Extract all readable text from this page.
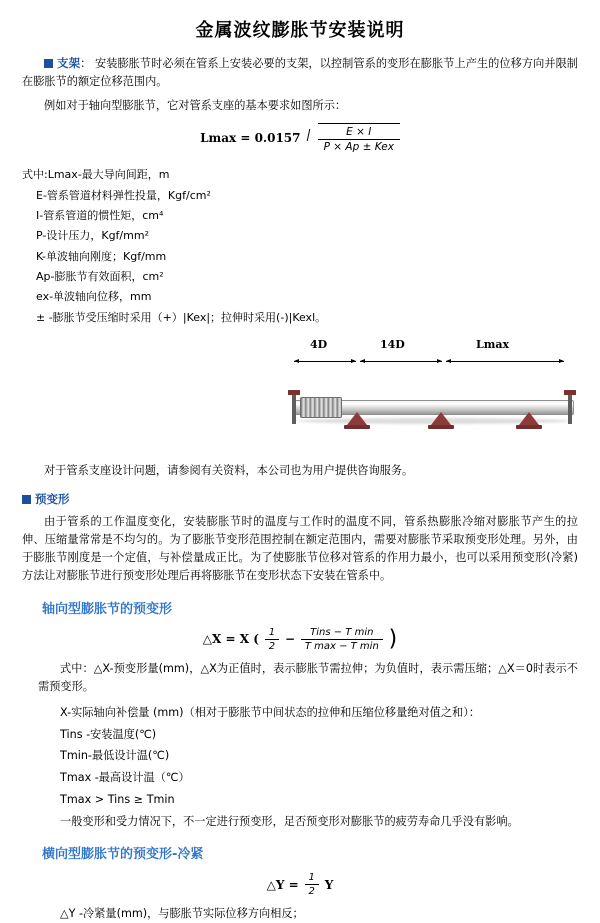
金属波纹膨胀节安装说明

支架： 安装膨胀节时必须在管系上安装必要的支架，以控制管系的变形在膨胀节上产生的位移方向并限制在膨胀节的额定位移范围内。

例如对于轴向型膨胀节，它对管系支座的基本要求如图所示：

$Lmax = 0.0157 \frac{E \times I}{\text{P × Ap ± Kex}}$
式中:Lmax-最大导向间距，m
E-管系管道材料弹性投量，Kgf/cm²
I-管系管道的惯性矩，cm⁴
P-设计压力，Kgf/mm²
K-单波轴向刚度；Kgf/mm
Ap-膨胀节有效面积，cm²
ex-单波轴向位移，mm
± -膨胀节受压缩时采用（+）|Kex|；拉伸时采用(-)|Kexl。
4D	14D	Lmax

对于管系支座设计问题，请参阅有关资料，本公司也为用户提供咨询服务。

预变形

由于管系的工作温度变化，安装膨胀节时的温度与工作时的温度不同，管系热膨胀冷缩对膨胀节产生的拉伸、压缩量常常是不均匀的。为了膨胀节变形范围控制在额定范围内，需要对膨胀节采取预变形处理。另外，由于膨胀节刚度是一个定值，与补偿量成正比。为了使膨胀节位移对管系的作用力最小，也可以采用预变形(冷紧)方法让对膨胀节进行预变形处理后再将膨胀节在变形状态下安装在管系中。

轴向型膨胀节的预变形
△X = X ( $\frac{1}{2} - \frac{\text{Tins − T min}}{\text{T max − T min}}$ )

式中：△X-预变形量(mm)，△X为正值时，表示膨胀节需拉伸；为负值时，表示需压缩；△X＝0时表示不需预变形。

X-实际轴向补偿量 (mm)（相对于膨胀节中间状态的拉伸和压缩位移量绝对值之和）：
Tins -安装温度(℃)
Tmin-最低设计温(℃)
Tmax -最高设计温（℃）
Tmax > Tins ≥ Tmin

一般变形和受力情况下，不一定进行预变形，足否预变形对膨胀节的疲劳寿命几乎没有影响。

横向型膨胀节的预变形-冷紧
△Y = $\frac{1}{2}$ Y

△Y -冷紧量(mm)，与膨胀节实际位移方向相反；
